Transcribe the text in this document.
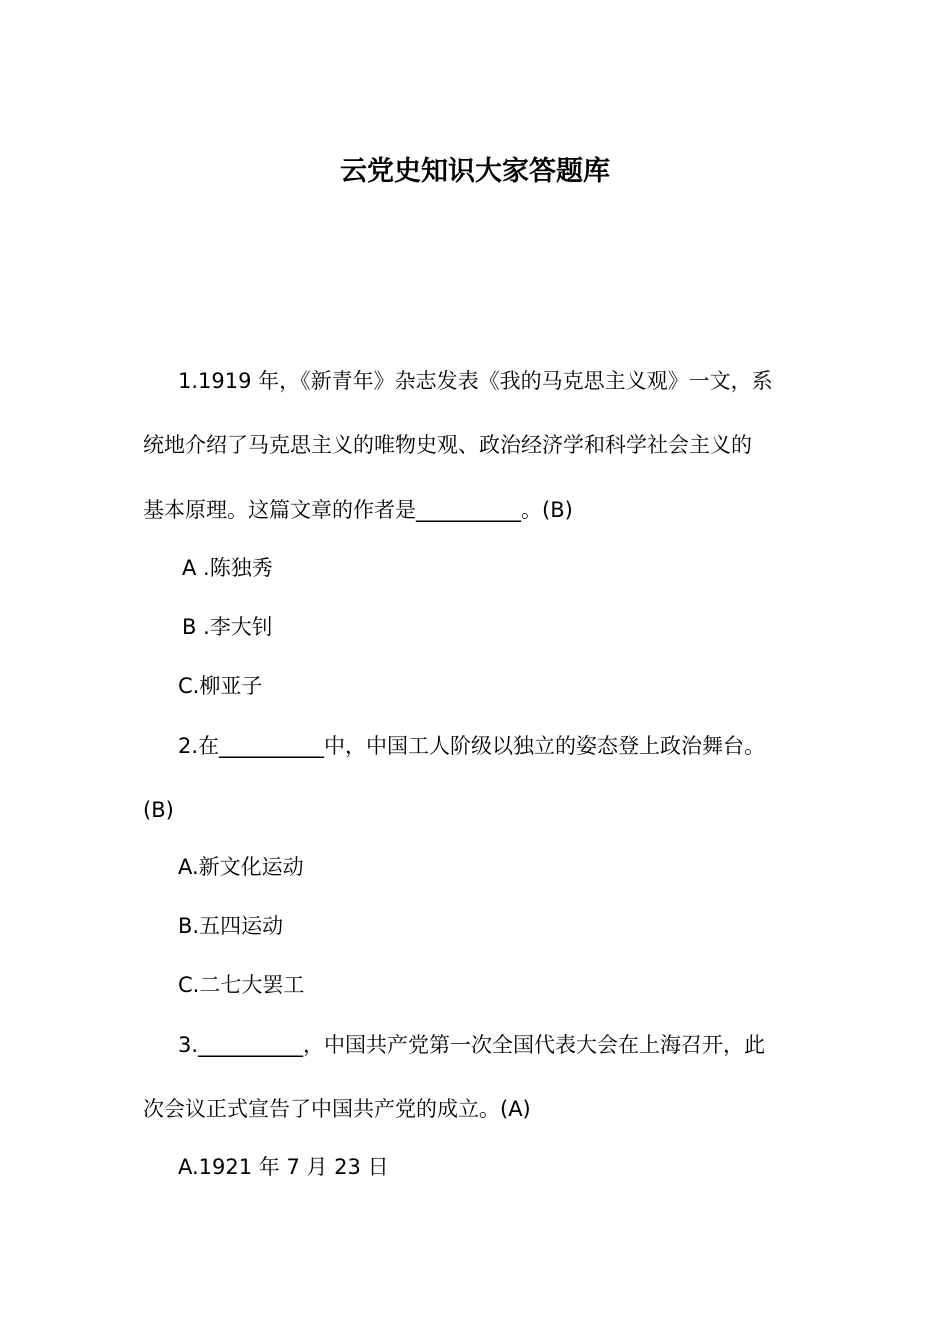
云党史知识大家答题库
1.1919 年，《新青年》杂志发表《我的马克思主义观》一文，系
统地介绍了马克思主义的唯物史观、政治经济学和科学社会主义的
基本原理。这篇文章的作者是__________。(B)
A .陈独秀
B .李大钊
C.柳亚子
2.在__________中，中国工人阶级以独立的姿态登上政治舞台。
(B)
A.新文化运动
B.五四运动
C.二七大罢工
3.__________，中国共产党第一次全国代表大会在上海召开，此
次会议正式宣告了中国共产党的成立。(A)
A.1921 年 7 月 23 日
